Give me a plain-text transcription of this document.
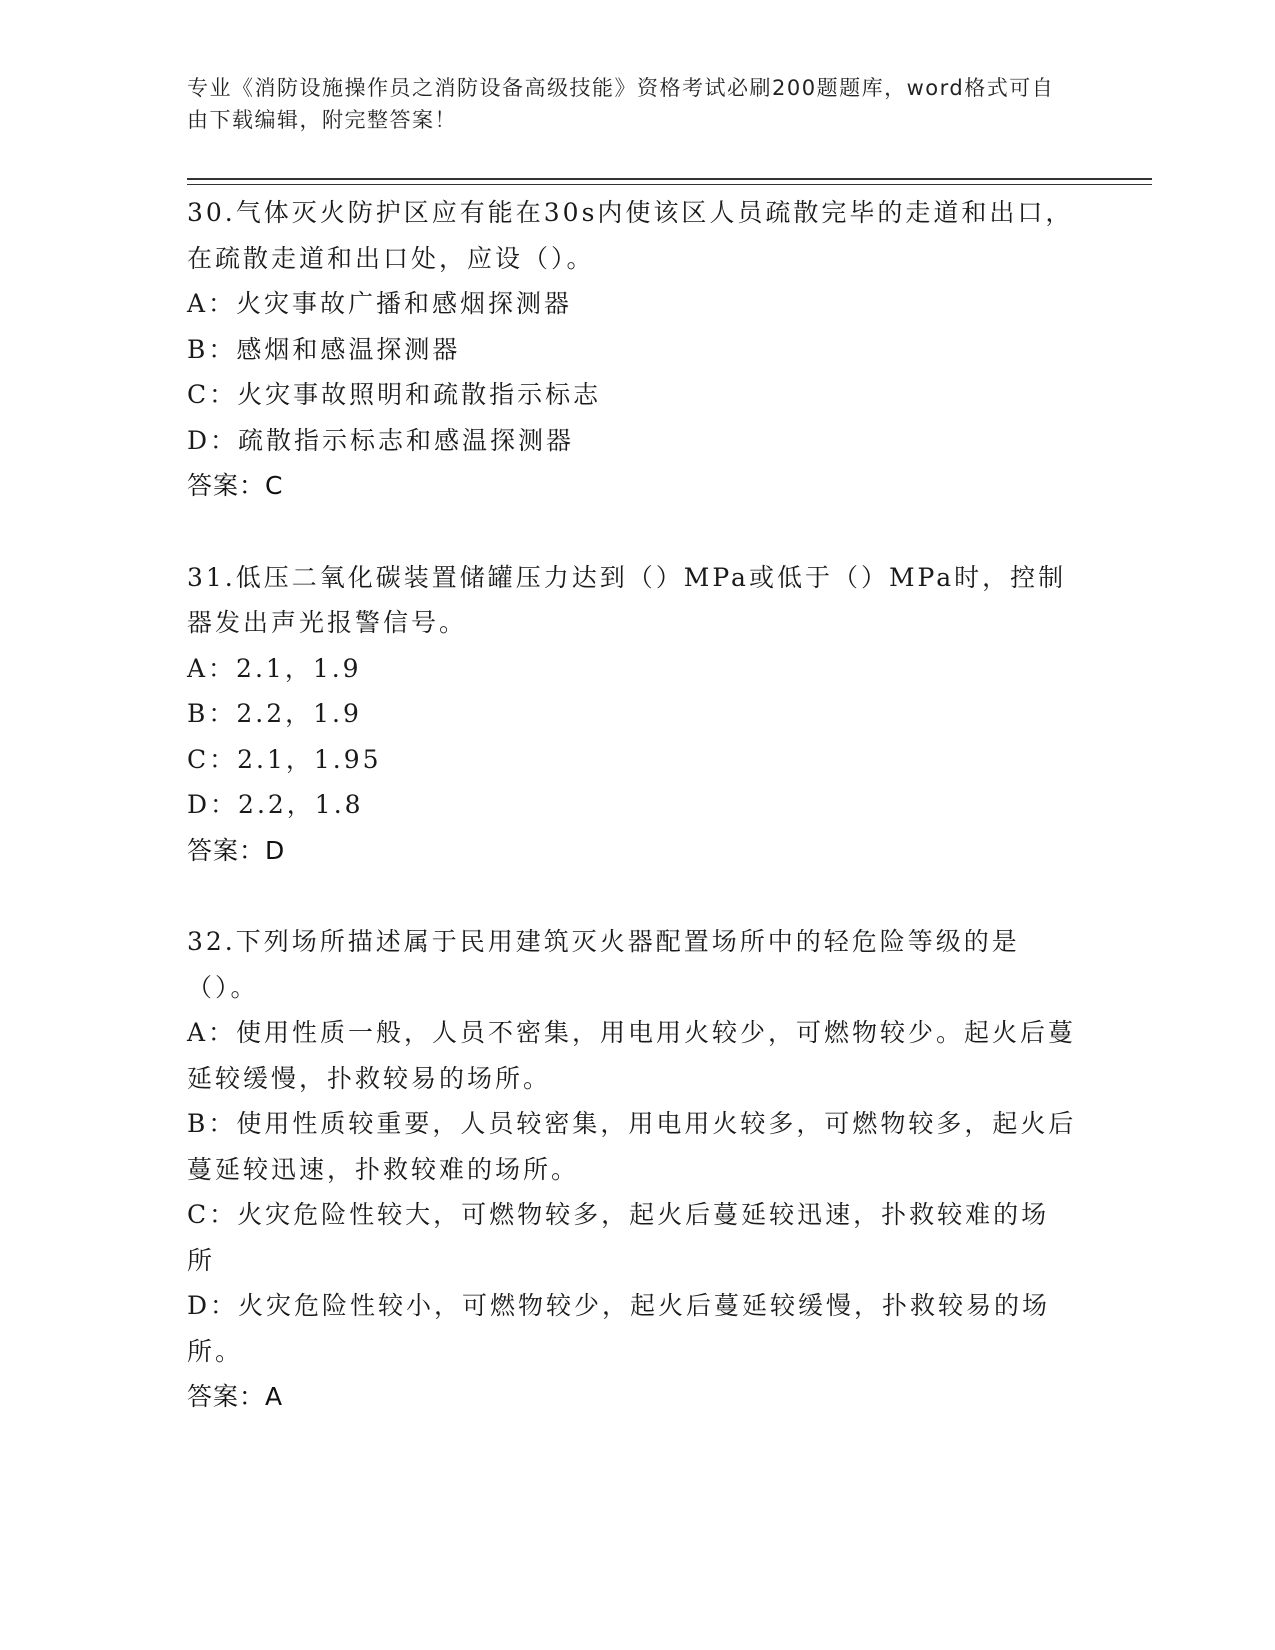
专业《消防设施操作员之消防设备高级技能》资格考试必刷200题题库，word格式可自由下载编辑，附完整答案！

30.气体灭火防护区应有能在30s内使该区人员疏散完毕的走道和出口，在疏散走道和出口处，应设（）。

A：火灾事故广播和感烟探测器

B：感烟和感温探测器

C：火灾事故照明和疏散指示标志

D：疏散指示标志和感温探测器

答案：C

31.低压二氧化碳装置储罐压力达到（）MPa或低于（）MPa时，控制器发出声光报警信号。

A：2.1，1.9

B：2.2，1.9

C：2.1，1.95

D：2.2，1.8

答案：D

32.下列场所描述属于民用建筑灭火器配置场所中的轻危险等级的是（）。

A：使用性质一般，人员不密集，用电用火较少，可燃物较少。起火后蔓延较缓慢，扑救较易的场所。

B：使用性质较重要，人员较密集，用电用火较多，可燃物较多，起火后蔓延较迅速，扑救较难的场所。

C：火灾危险性较大，可燃物较多，起火后蔓延较迅速，扑救较难的场所

D：火灾危险性较小，可燃物较少，起火后蔓延较缓慢，扑救较易的场所。

答案：A
